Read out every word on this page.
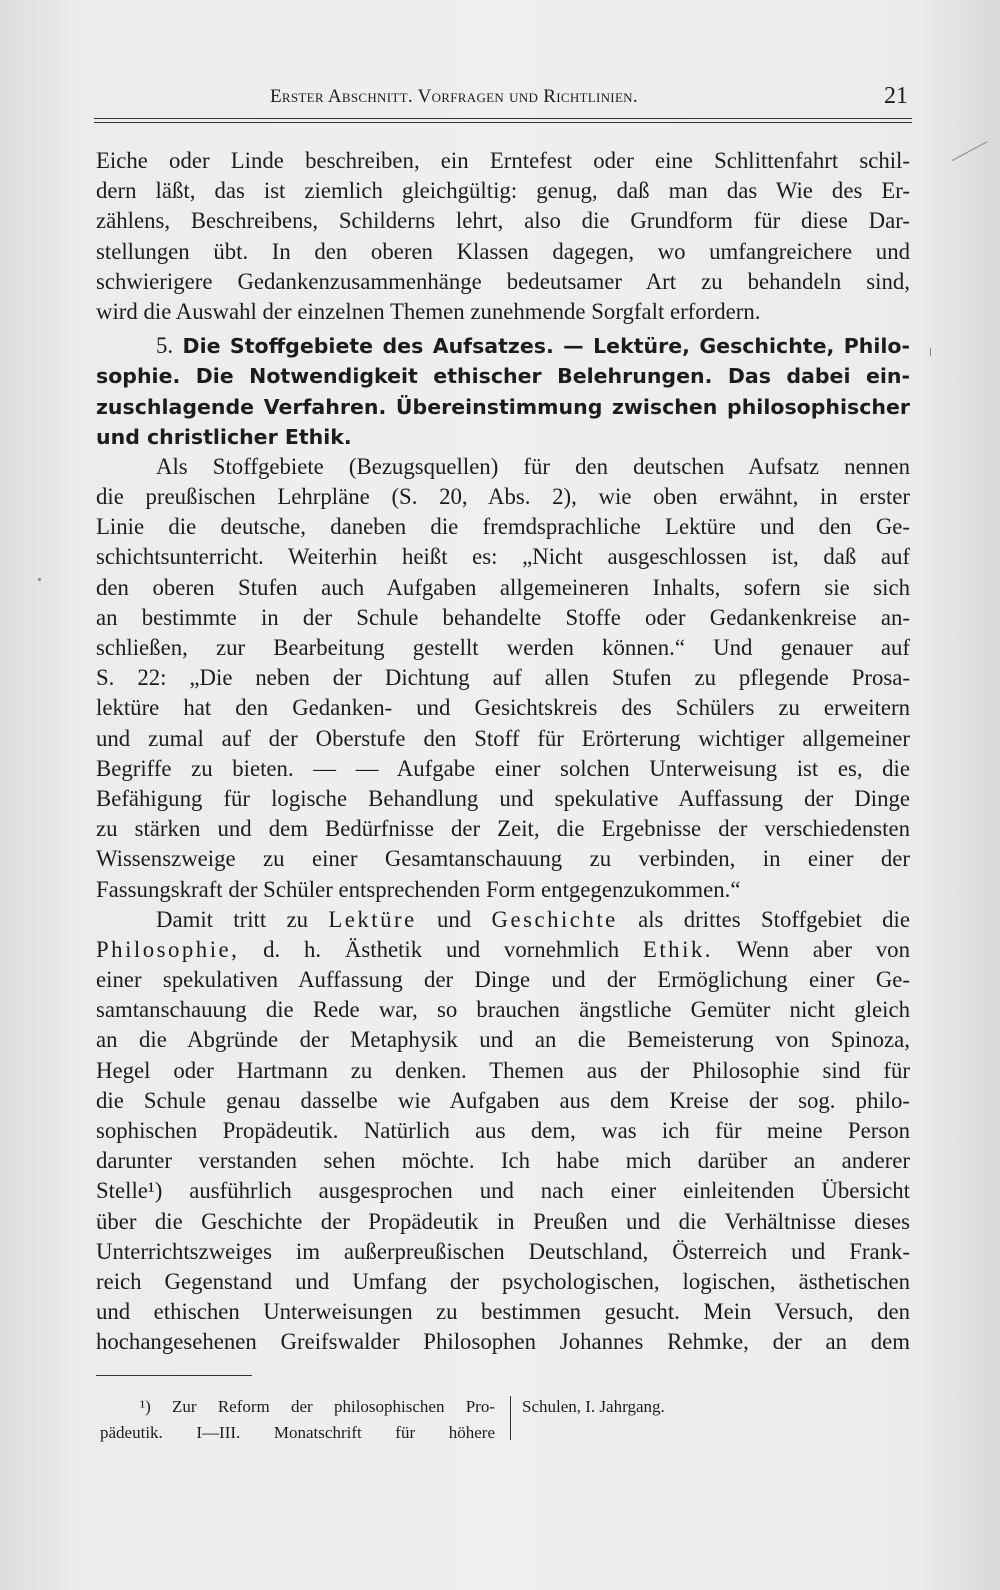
Erster Abschnitt. Vorfragen und Richtlinien.	21
Eiche oder Linde beschreiben, ein Erntefest oder eine Schlittenfahrt schil-
dern läßt, das ist ziemlich gleichgültig: genug, daß man das Wie des Er-
zählens, Beschreibens, Schilderns lehrt, also die Grundform für diese Dar-
stellungen übt. In den oberen Klassen dagegen, wo umfangreichere und
schwierigere Gedankenzusammenhänge bedeutsamer Art zu behandeln sind,
wird die Auswahl der einzelnen Themen zunehmende Sorgfalt erfordern.
5. Die Stoffgebiete des Aufsatzes. — Lektüre, Geschichte, Philo-
sophie. Die Notwendigkeit ethischer Belehrungen. Das dabei ein-
zuschlagende Verfahren. Übereinstimmung zwischen philosophischer
und christlicher Ethik.
Als Stoffgebiete (Bezugsquellen) für den deutschen Aufsatz nennen
die preußischen Lehrpläne (S. 20, Abs. 2), wie oben erwähnt, in erster
Linie die deutsche, daneben die fremdsprachliche Lektüre und den Ge-
schichtsunterricht. Weiterhin heißt es: „Nicht ausgeschlossen ist, daß auf
den oberen Stufen auch Aufgaben allgemeineren Inhalts, sofern sie sich
an bestimmte in der Schule behandelte Stoffe oder Gedankenkreise an-
schließen, zur Bearbeitung gestellt werden können.“ Und genauer auf
S. 22: „Die neben der Dichtung auf allen Stufen zu pflegende Prosa-
lektüre hat den Gedanken- und Gesichtskreis des Schülers zu erweitern
und zumal auf der Oberstufe den Stoff für Erörterung wichtiger allgemeiner
Begriffe zu bieten. — — Aufgabe einer solchen Unterweisung ist es, die
Befähigung für logische Behandlung und spekulative Auffassung der Dinge
zu stärken und dem Bedürfnisse der Zeit, die Ergebnisse der verschiedensten
Wissenszweige zu einer Gesamtanschauung zu verbinden, in einer der
Fassungskraft der Schüler entsprechenden Form entgegenzukommen.“
Damit tritt zu Lektüre und Geschichte als drittes Stoffgebiet die
Philosophie, d. h. Ästhetik und vornehmlich Ethik. Wenn aber von
einer spekulativen Auffassung der Dinge und der Ermöglichung einer Ge-
samtanschauung die Rede war, so brauchen ängstliche Gemüter nicht gleich
an die Abgründe der Metaphysik und an die Bemeisterung von Spinoza,
Hegel oder Hartmann zu denken. Themen aus der Philosophie sind für
die Schule genau dasselbe wie Aufgaben aus dem Kreise der sog. philo-
sophischen Propädeutik. Natürlich aus dem, was ich für meine Person
darunter verstanden sehen möchte. Ich habe mich darüber an anderer
Stelle¹) ausführlich ausgesprochen und nach einer einleitenden Übersicht
über die Geschichte der Propädeutik in Preußen und die Verhältnisse dieses
Unterrichtszweiges im außerpreußischen Deutschland, Österreich und Frank-
reich Gegenstand und Umfang der psychologischen, logischen, ästhetischen
und ethischen Unterweisungen zu bestimmen gesucht. Mein Versuch, den
hochangesehenen Greifswalder Philosophen Johannes Rehmke, der an dem
¹) Zur Reform der philosophischen Pro-
pädeutik. I—III. Monatschrift für höhere
Schulen, I. Jahrgang.
